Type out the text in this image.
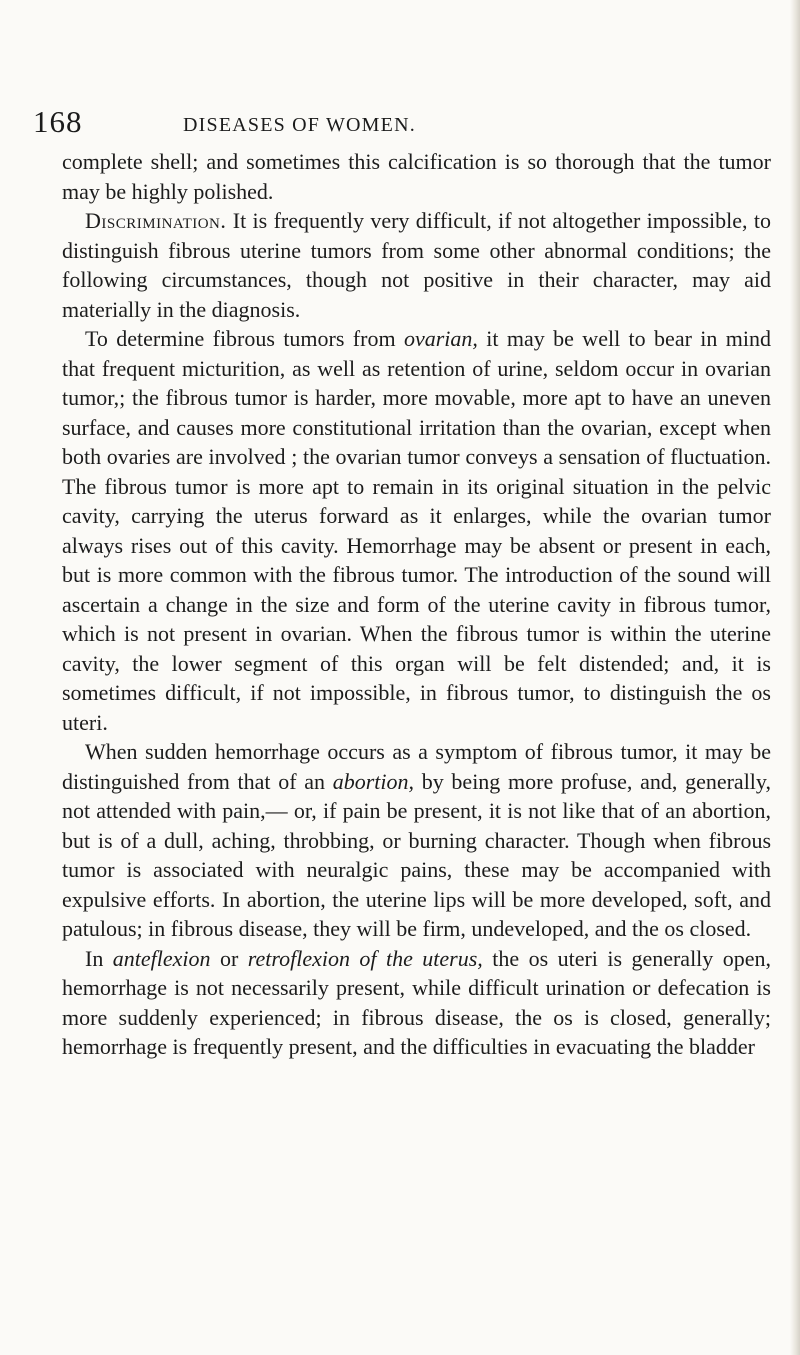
168	DISEASES OF WOMEN.

complete shell; and sometimes this calcification is so thorough that the tumor may be highly polished.

Discrimination. It is frequently very difficult, if not altogether impossible, to distinguish fibrous uterine tumors from some other abnormal conditions; the following circumstances, though not positive in their character, may aid materially in the diagnosis.

To determine fibrous tumors from ovarian, it may be well to bear in mind that frequent micturition, as well as retention of urine, seldom occur in ovarian tumor,; the fibrous tumor is harder, more movable, more apt to have an uneven surface, and causes more constitutional irritation than the ovarian, except when both ovaries are involved ; the ovarian tumor conveys a sensation of fluctuation. The fibrous tumor is more apt to remain in its original situation in the pelvic cavity, carrying the uterus forward as it enlarges, while the ovarian tumor always rises out of this cavity. Hemorrhage may be absent or present in each, but is more common with the fibrous tumor. The introduction of the sound will ascertain a change in the size and form of the uterine cavity in fibrous tumor, which is not present in ovarian. When the fibrous tumor is within the uterine cavity, the lower segment of this organ will be felt distended; and, it is sometimes difficult, if not impossible, in fibrous tumor, to distinguish the os uteri.

When sudden hemorrhage occurs as a symptom of fibrous tumor, it may be distinguished from that of an abortion, by being more profuse, and, generally, not attended with pain,— or, if pain be present, it is not like that of an abortion, but is of a dull, aching, throbbing, or burning character. Though when fibrous tumor is associated with neuralgic pains, these may be accompanied with expulsive efforts. In abortion, the uterine lips will be more developed, soft, and patulous; in fibrous disease, they will be firm, undeveloped, and the os closed.

In anteflexion or retroflexion of the uterus, the os uteri is generally open, hemorrhage is not necessarily present, while difficult urination or defecation is more suddenly experienced; in fibrous disease, the os is closed, generally; hemorrhage is frequently present, and the difficulties in evacuating the bladder
